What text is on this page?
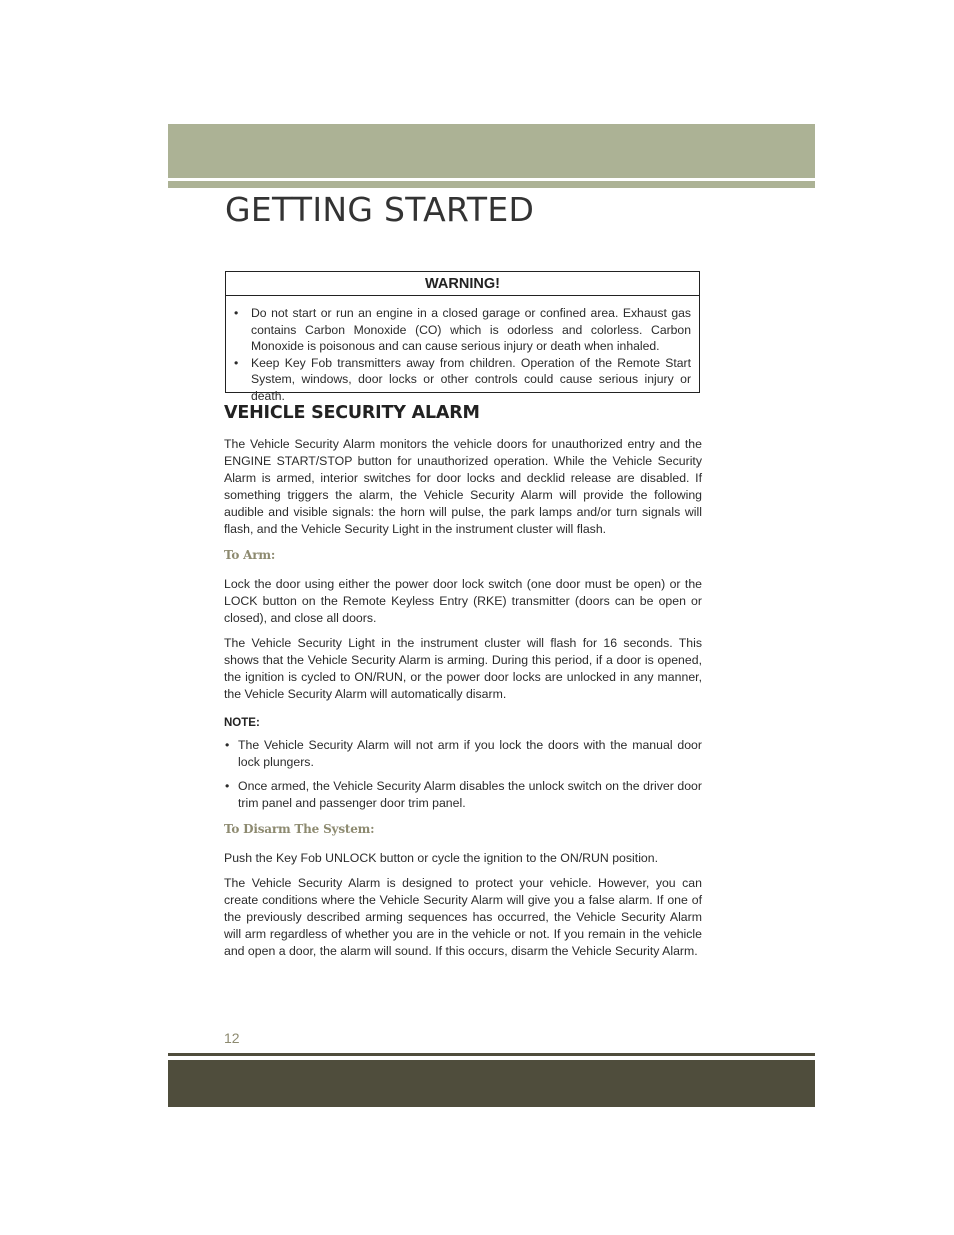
GETTING STARTED
WARNING!
• Do not start or run an engine in a closed garage or confined area. Exhaust gas contains Carbon Monoxide (CO) which is odorless and colorless. Carbon Monoxide is poisonous and can cause serious injury or death when inhaled.
• Keep Key Fob transmitters away from children. Operation of the Remote Start System, windows, door locks or other controls could cause serious injury or death.
VEHICLE SECURITY ALARM

The Vehicle Security Alarm monitors the vehicle doors for unauthorized entry and the ENGINE START/STOP button for unauthorized operation. While the Vehicle Security Alarm is armed, interior switches for door locks and decklid release are disabled. If something triggers the alarm, the Vehicle Security Alarm will provide the following audible and visible signals: the horn will pulse, the park lamps and/or turn signals will flash, and the Vehicle Security Light in the instrument cluster will flash.

To Arm:

Lock the door using either the power door lock switch (one door must be open) or the LOCK button on the Remote Keyless Entry (RKE) transmitter (doors can be open or closed), and close all doors.

The Vehicle Security Light in the instrument cluster will flash for 16 seconds. This shows that the Vehicle Security Alarm is arming. During this period, if a door is opened, the ignition is cycled to ON/RUN, or the power door locks are unlocked in any manner, the Vehicle Security Alarm will automatically disarm.

NOTE:
• The Vehicle Security Alarm will not arm if you lock the doors with the manual door lock plungers.
• Once armed, the Vehicle Security Alarm disables the unlock switch on the driver door trim panel and passenger door trim panel.
To Disarm The System:

Push the Key Fob UNLOCK button or cycle the ignition to the ON/RUN position.

The Vehicle Security Alarm is designed to protect your vehicle. However, you can create conditions where the Vehicle Security Alarm will give you a false alarm. If one of the previously described arming sequences has occurred, the Vehicle Security Alarm will arm regardless of whether you are in the vehicle or not. If you remain in the vehicle and open a door, the alarm will sound. If this occurs, disarm the Vehicle Security Alarm.

12
